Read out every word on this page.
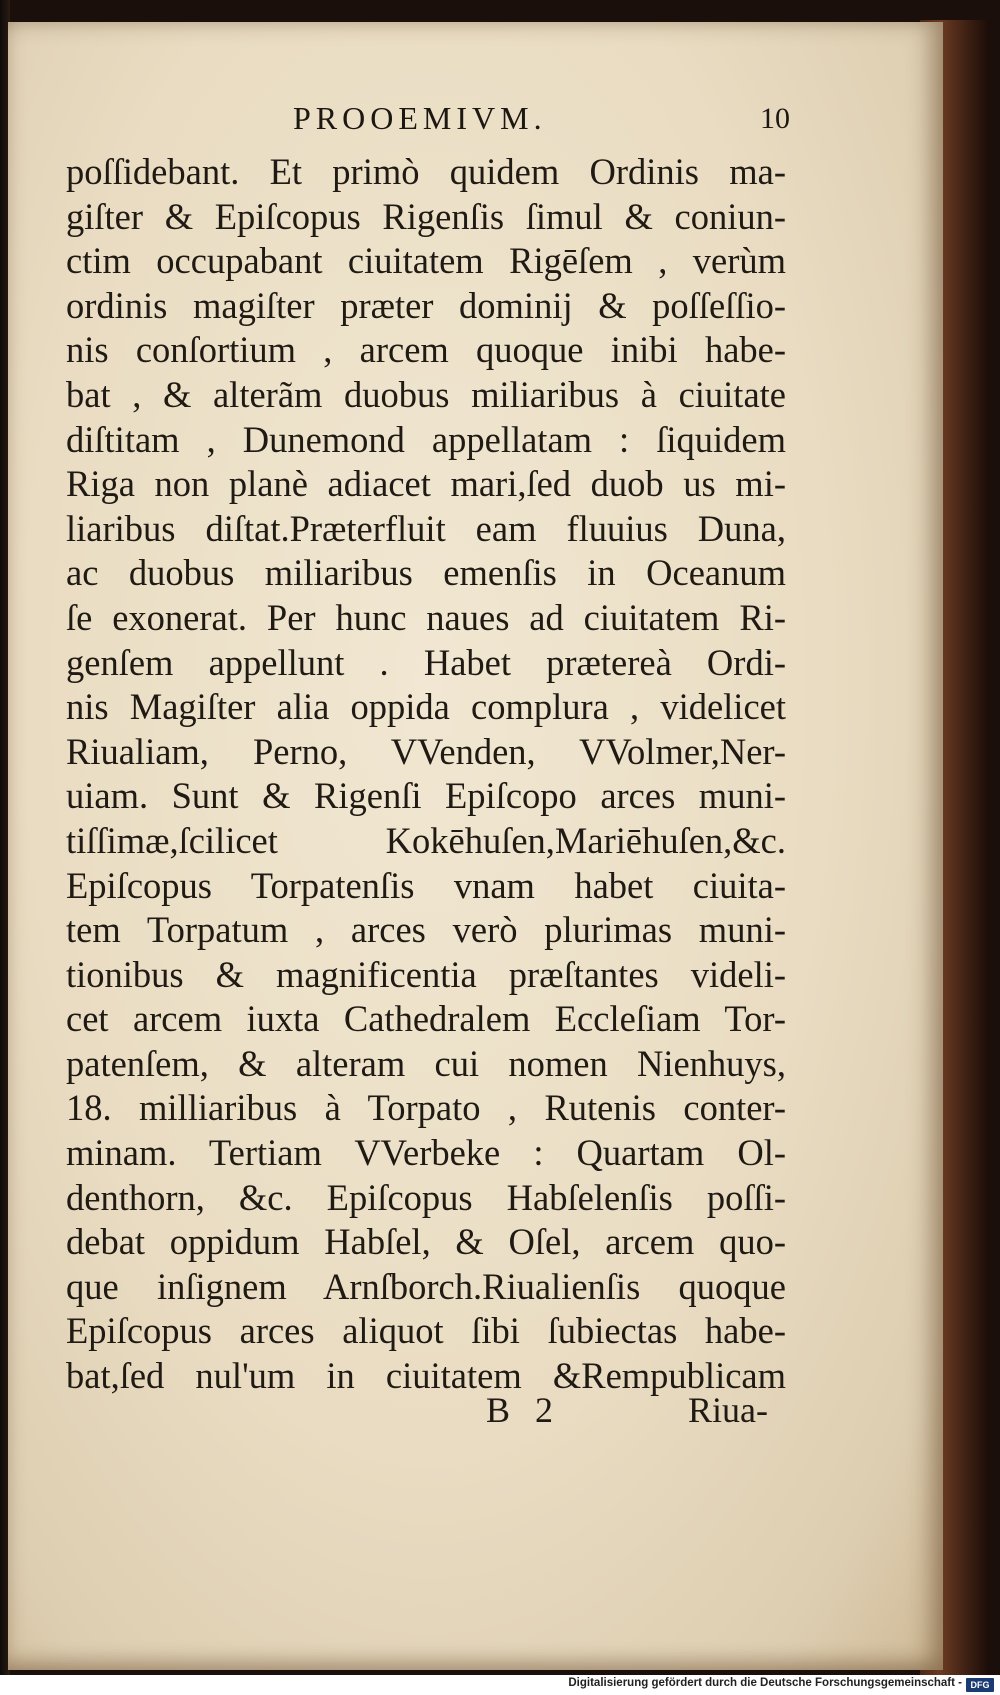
PROOEMIVM.	10
poſſidebant. Et primò quidem Ordinis ma-
giſter & Epiſcopus Rigenſis ſimul & coniun-
ctim occupabant ciuitatem Rigēſem , verùm
ordinis magiſter præter dominij & poſſeſſio-
nis conſortium , arcem quoque inibi habe-
bat , & alterãm duobus miliaribus à ciuitate
diſtitam , Dunemond appellatam : ſiquidem
Riga non planè adiacet mari,ſed duob us mi-
liaribus diſtat.Præterfluit eam fluuius Duna,
ac duobus miliaribus emenſis in Oceanum
ſe exonerat. Per hunc naues ad ciuitatem Ri-
genſem appellunt . Habet prætereà Ordi-
nis Magiſter alia oppida complura , videlicet
Riualiam, Perno, VVenden, VVolmer,Ner-
uiam. Sunt & Rigenſi Epiſcopo arces muni-
tiſſimæ,ſcilicet Kokēhuſen,Mariēhuſen,&c.
Epiſcopus Torpatenſis vnam habet ciuita-
tem Torpatum , arces verò plurimas muni-
tionibus & magnificentia præſtantes videli-
cet arcem iuxta Cathedralem Eccleſiam Tor-
patenſem, & alteram cui nomen Nienhuys,
18. milliaribus à Torpato , Rutenis conter-
minam. Tertiam VVerbeke : Quartam Ol-
denthorn, &c. Epiſcopus Habſelenſis poſſi-
debat oppidum Habſel, & Oſel, arcem quo-
que inſignem Arnſborch.Riualienſis quoque
Epiſcopus arces aliquot ſibi ſubiectas habe-
bat,ſed nul'um in ciuitatem &Rempublicam
B 2	Riua-
Digitalisierung gefördert durch die Deutsche Forschungsgemeinschaft - DFG
